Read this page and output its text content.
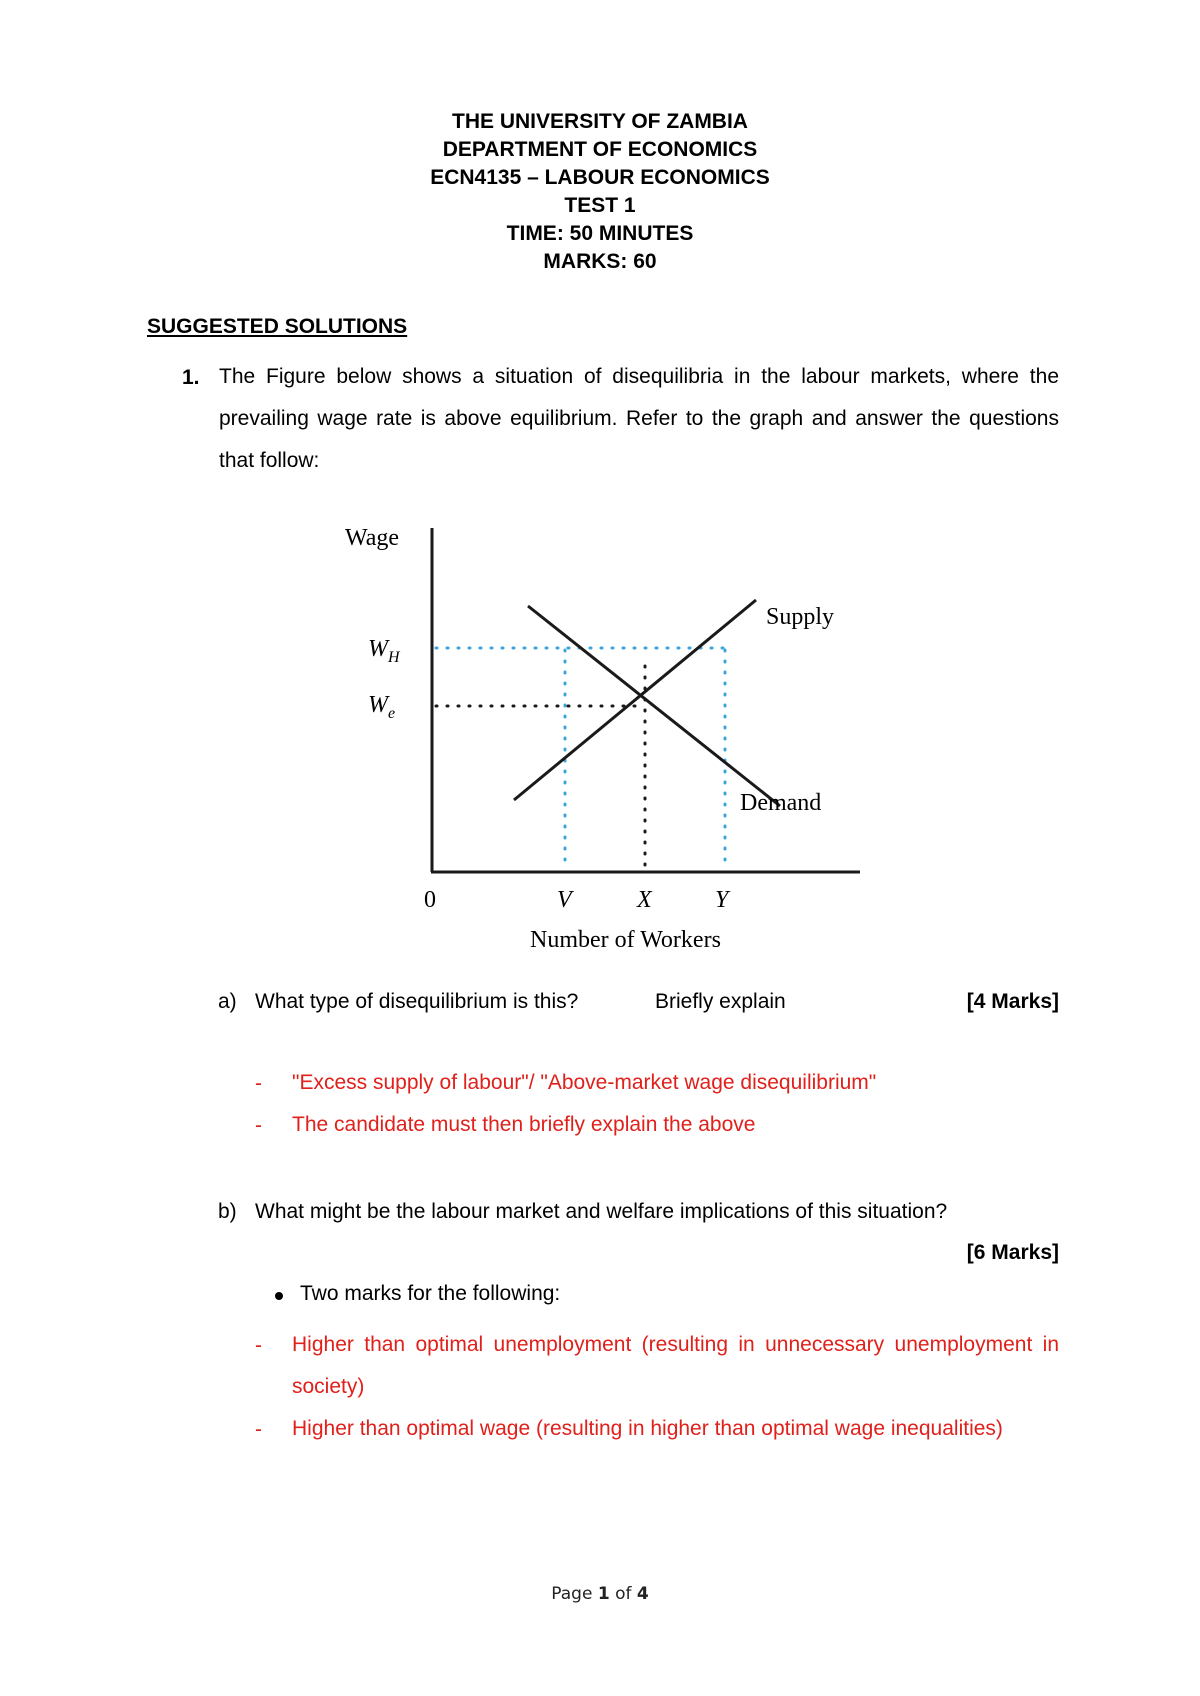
THE UNIVERSITY OF ZAMBIA
DEPARTMENT OF ECONOMICS
ECN4135 – LABOUR ECONOMICS
TEST 1
TIME: 50 MINUTES
MARKS: 60
SUGGESTED SOLUTIONS
1. The Figure below shows a situation of disequilibria in the labour markets, where the prevailing wage rate is above equilibrium. Refer to the graph and answer the questions that follow:
Wage
Supply
Demand
$W_H$
$W_e$
0	V	X	Y
Number of Workers
a) What type of disequilibrium is this?	Briefly explain	[4 Marks]
- "Excess supply of labour"/ "Above-market wage disequilibrium"
- The candidate must then briefly explain the above
b) What might be the labour market and welfare implications of this situation?
[6 Marks]
Two marks for the following:
- Higher than optimal unemployment (resulting in unnecessary unemployment in society)
- Higher than optimal wage (resulting in higher than optimal wage inequalities)
Page 1 of 4
